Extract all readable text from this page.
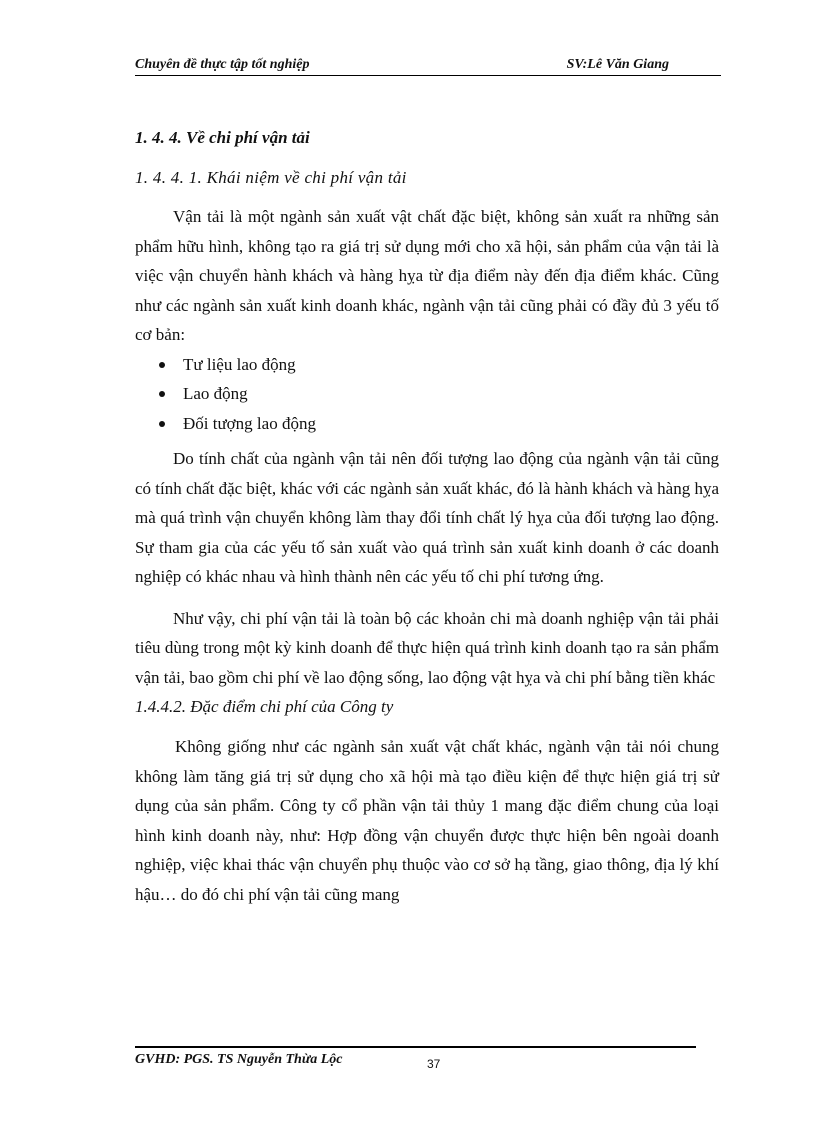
Chuyên đề thực tập tốt nghiệp	SV:Lê Văn Giang
1. 4. 4. Về chi phí vận tải
1. 4. 4. 1. Khái niệm về chi phí vận tải

Vận tải là một ngành sản xuất vật chất đặc biệt, không sản xuất ra những sản phẩm hữu hình, không tạo ra giá trị sử dụng mới cho xã hội, sản phẩm của vận tải là việc vận chuyển hành khách và hàng hỵa từ địa điểm này đến địa điểm khác. Cũng như các ngành sản xuất kinh doanh khác, ngành vận tải cũng phải có đầy đủ 3 yếu tố cơ bản:

Tư liệu lao động
Lao động
Đối tượng lao động

Do tính chất của ngành vận tải nên đối tượng lao động của ngành vận tải cũng có tính chất đặc biệt, khác với các ngành sản xuất khác, đó là hành khách và hàng hỵa mà quá trình vận chuyển không làm thay đổi tính chất lý hỵa của đối tượng lao động. Sự tham gia của các yếu tố sản xuất vào quá trình sản xuất kinh doanh ở các doanh nghiệp có khác nhau và hình thành nên các yếu tố chi phí tương ứng.

Như vậy, chi phí vận tải là toàn bộ các khoản chi mà doanh nghiệp vận tải phải tiêu dùng trong một kỳ kinh doanh để thực hiện quá trình kinh doanh tạo ra sản phẩm vận tải, bao gồm chi phí về lao động sống, lao động vật hỵa và chi phí bằng tiền khác

1.4.4.2. Đặc điểm chi phí của Công ty

Không giống như các ngành sản xuất vật chất khác, ngành vận tải nói chung không làm tăng giá trị sử dụng cho xã hội mà tạo điều kiện để thực hiện giá trị sử dụng của sản phẩm. Công ty cổ phần vận tải thủy 1 mang đặc điểm chung của loại hình kinh doanh này, như: Hợp đồng vận chuyển được thực hiện bên ngoài doanh nghiệp, việc khai thác vận chuyển phụ thuộc vào cơ sở hạ tầng, giao thông, địa lý khí hậu… do đó chi phí vận tải cũng mang

GVHD: PGS. TS Nguyễn Thừa Lộc	37
